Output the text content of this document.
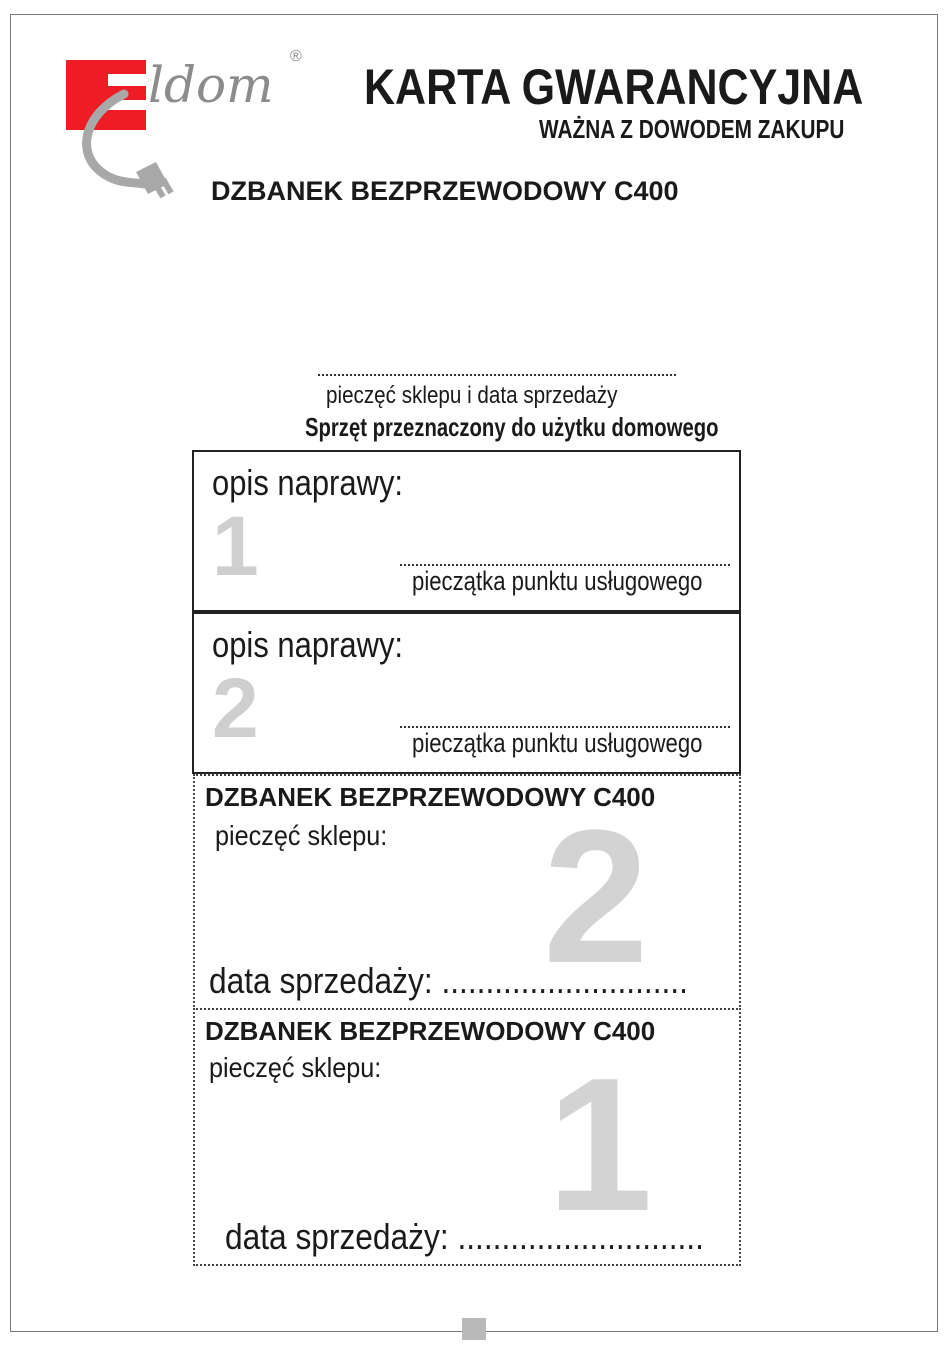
ldom ®
KARTA GWARANCYJNA
WAŻNA Z DOWODEM ZAKUPU
DZBANEK BEZPRZEWODOWY C400
pieczęć sklepu i data sprzedaży
Sprzęt przeznaczony do użytku domowego
opis naprawy:
1	pieczątka punktu usługowego
opis naprawy:
2	pieczątka punktu usługowego
DZBANEK BEZPRZEWODOWY C400
2
pieczęć sklepu:
data sprzedaży: ............................
DZBANEK BEZPRZEWODOWY C400
1
pieczęć sklepu:
data sprzedaży: ............................
